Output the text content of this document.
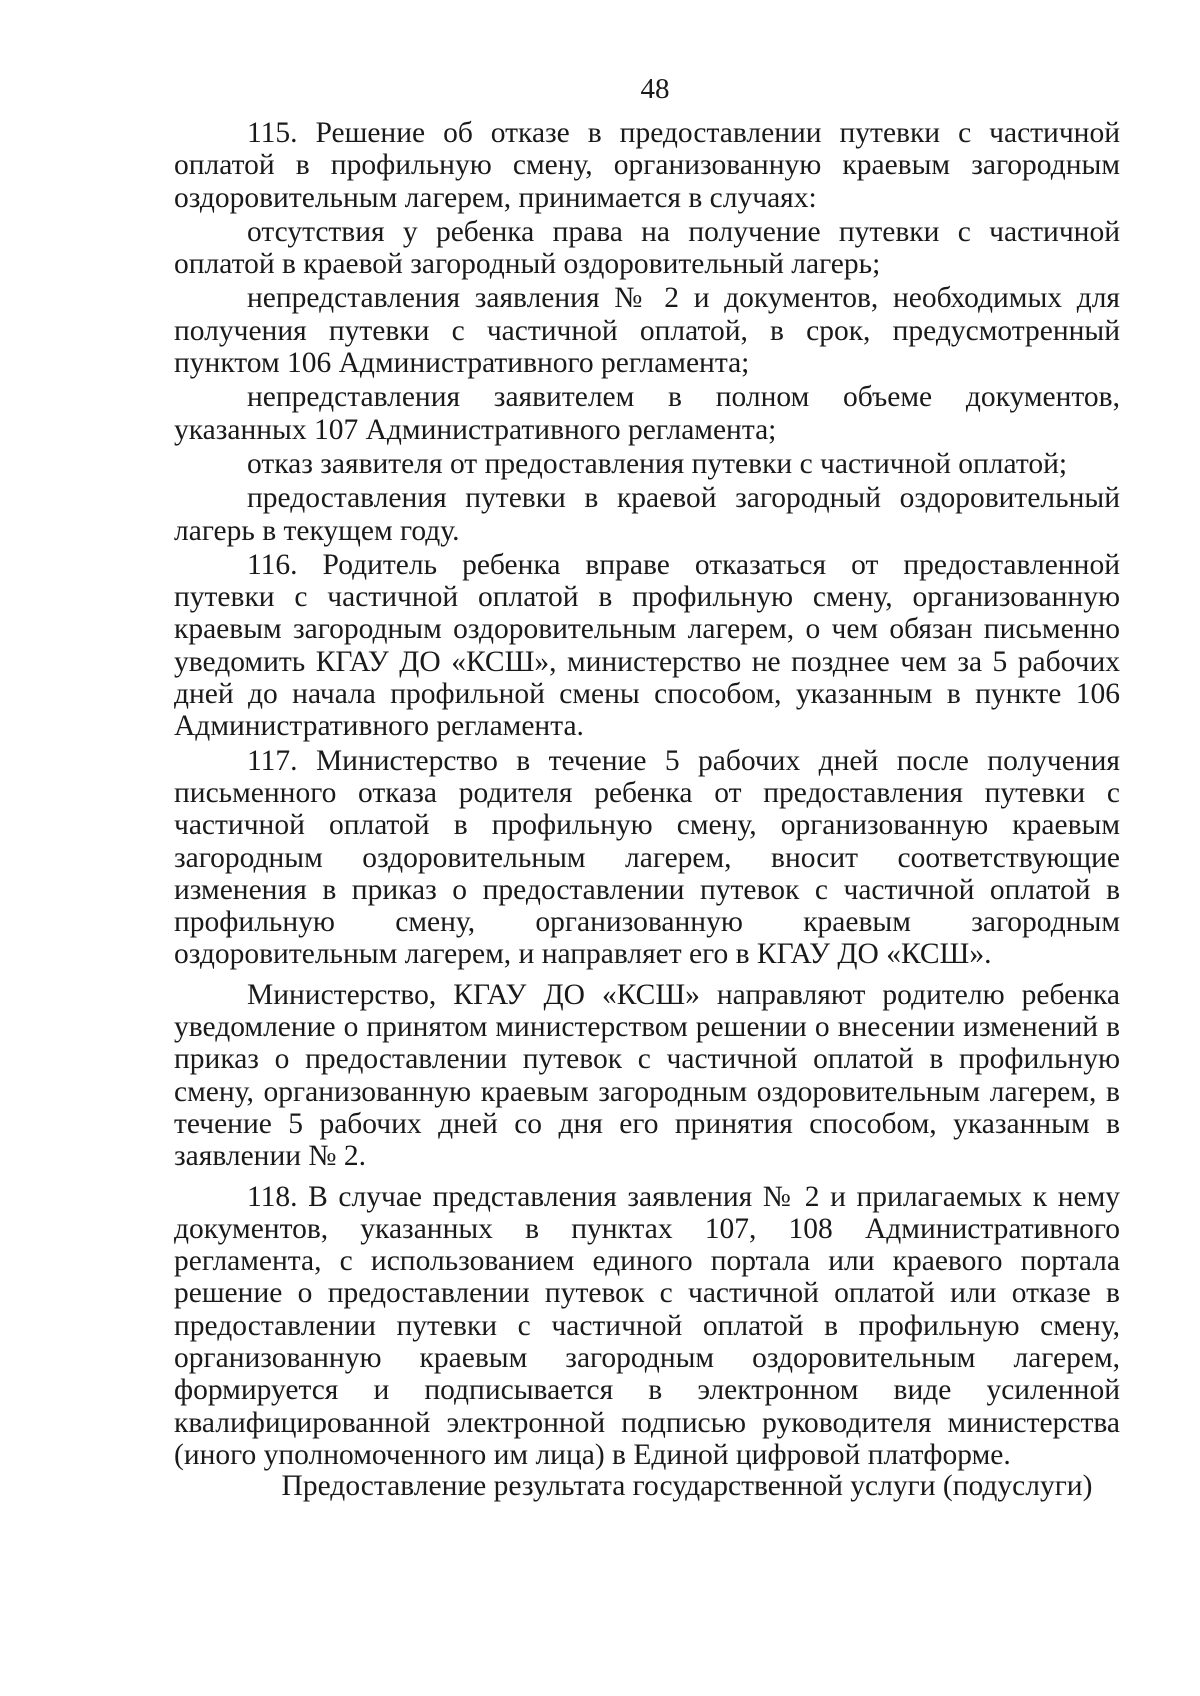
48

115. Решение об отказе в предоставлении путевки с частичной оплатой в профильную смену, организованную краевым загородным оздоровительным лагерем, принимается в случаях:

отсутствия у ребенка права на получение путевки с частичной оплатой в краевой загородный оздоровительный лагерь;

непредставления заявления № 2 и документов, необходимых для получения путевки с частичной оплатой, в срок, предусмотренный пунктом 106 Административного регламента;

непредставления заявителем в полном объеме документов, указанных 107 Административного регламента;

отказ заявителя от предоставления путевки с частичной оплатой;

предоставления путевки в краевой загородный оздоровительный лагерь в текущем году.

116. Родитель ребенка вправе отказаться от предоставленной путевки с частичной оплатой в профильную смену, организованную краевым загородным оздоровительным лагерем, о чем обязан письменно уведомить КГАУ ДО «КСШ», министерство не позднее чем за 5 рабочих дней до начала профильной смены способом, указанным в пункте 106 Административного регламента.

117. Министерство в течение 5 рабочих дней после получения письменного отказа родителя ребенка от предоставления путевки с частичной оплатой в профильную смену, организованную краевым загородным оздоровительным лагерем, вносит соответствующие изменения в приказ о предоставлении путевок с частичной оплатой в профильную смену, организованную краевым загородным оздоровительным лагерем, и направляет его в КГАУ ДО «КСШ».

Министерство, КГАУ ДО «КСШ» направляют родителю ребенка уведомление о принятом министерством решении о внесении изменений в приказ о предоставлении путевок с частичной оплатой в профильную смену, организованную краевым загородным оздоровительным лагерем, в течение 5 рабочих дней со дня его принятия способом, указанным в заявлении № 2.

118. В случае представления заявления № 2 и прилагаемых к нему документов, указанных в пунктах 107, 108 Административного регламента, с использованием единого портала или краевого портала решение о предоставлении путевок с частичной оплатой или отказе в предоставлении путевки с частичной оплатой в профильную смену, организованную краевым загородным оздоровительным лагерем, формируется и подписывается в электронном виде усиленной квалифицированной электронной подписью руководителя министерства (иного уполномоченного им лица) в Единой цифровой платформе.

Предоставление результата государственной услуги (подуслуги)
